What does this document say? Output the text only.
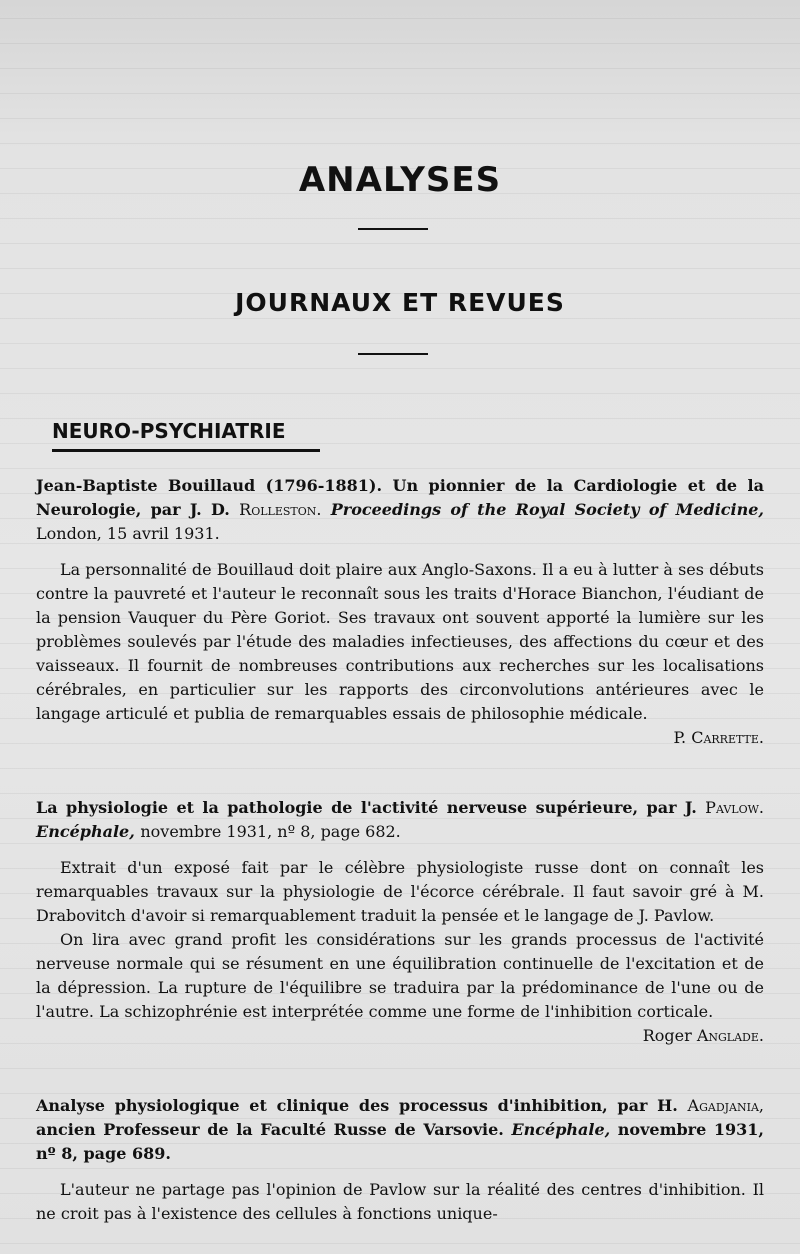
ANALYSES
JOURNAUX ET REVUES
NEURO-PSYCHIATRIE
Jean-Baptiste Bouillaud (1796-1881). Un pionnier de la Cardiologie et de la Neurologie, par J. D. Rolleston. Proceedings of the Royal Society of Medicine, London, 15 avril 1931.

La personnalité de Bouillaud doit plaire aux Anglo-Saxons. Il a eu à lutter à ses débuts contre la pauvreté et l'auteur le reconnaît sous les traits d'Horace Bianchon, l'éudiant de la pension Vauquer du Père Goriot. Ses travaux ont souvent apporté la lumière sur les problèmes soulevés par l'étude des maladies infectieuses, des affections du cœur et des vaisseaux. Il fournit de nombreuses contributions aux recherches sur les localisations cérébrales, en particulier sur les rapports des circonvolutions antérieures avec le langage articulé et publia de remarquables essais de philosophie médicale.

P. Carrette.
La physiologie et la pathologie de l'activité nerveuse supérieure, par J. Pavlow. Encéphale, novembre 1931, nº 8, page 682.

Extrait d'un exposé fait par le célèbre physiologiste russe dont on connaît les remarquables travaux sur la physiologie de l'écorce cérébrale. Il faut savoir gré à M. Drabovitch d'avoir si remarquablement traduit la pensée et le langage de J. Pavlow.

On lira avec grand profit les considérations sur les grands processus de l'activité nerveuse normale qui se résument en une équilibration continuelle de l'excitation et de la dépression. La rupture de l'équilibre se traduira par la prédominance de l'une ou de l'autre. La schizophrénie est interprétée comme une forme de l'inhibition corticale.
Roger Anglade.

Analyse physiologique et clinique des processus d'inhibition, par H. Agadjania, ancien Professeur de la Faculté Russe de Varsovie. Encéphale, novembre 1931, nº 8, page 689.

L'auteur ne partage pas l'opinion de Pavlow sur la réalité des centres d'inhibition. Il ne croit pas à l'existence des cellules à fonctions unique-
